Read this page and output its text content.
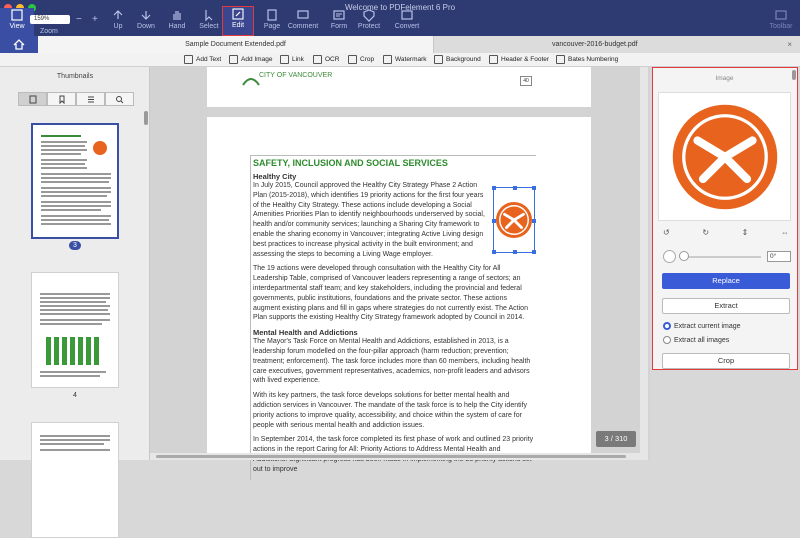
Welcome to PDFelement 6 Pro
View
159%
Zoom
− +
Up	Down	Hand	Select	Edit	Page	Comment	Form	Protect	Convert	Toolbar
Sample Document Extended.pdf	vancouver-2016-budget.pdf	×
Add Text	Add Image	Link	OCR	Crop	Watermark	Background	Header & Footer	Bates Numbering
Thumbnails
3
4
CITY OF VANCOUVER
40
SAFETY, INCLUSION AND SOCIAL SERVICES
Healthy City

In July 2015, Council approved the Healthy City Strategy Phase 2 Action Plan (2015-2018), which identifies 19 priority actions for the first four years of the Healthy City Strategy. These actions include developing a Social Amenities Priorities Plan to identify neighbourhoods underserved by social, health and/or community services; launching a Sharing City framework to enable the sharing economy in Vancouver; integrating Active Living design best practices to increase physical activity in the built environment; and assessing the steps to becoming a Living Wage employer.

The 19 actions were developed through consultation with the Healthy City for All Leadership Table, comprised of Vancouver leaders representing a range of sectors; an interdepartmental staff team; and key stakeholders, including the provincial and federal governments, public institutions, foundations and the private sector. These actions augment existing plans and fill in gaps where strategies do not currently exist. The Action Plan supports the existing Healthy City Strategy framework adopted by Council in 2014.

Mental Health and Addictions

The Mayor's Task Force on Mental Health and Addictions, established in 2013, is a leadership forum modelled on the four-pillar approach (harm reduction; prevention; treatment; enforcement). The task force includes more than 60 members, including health care executives, government representatives, academics, non-profit leaders and advisors with lived experience.

With its key partners, the task force develops solutions for better mental health and addiction services in Vancouver. The mandate of the task force is to help the City identify priority actions to improve quality, accessibility, and choice within the system of care for people with serious mental health and addiction issues.

In September 2014, the task force completed its first phase of work and outlined 23 priority actions in the report Caring for All: Priority Actions to Address Mental Health and out to improve

3 / 310
Image
↺	↻	⇕	⇔
0°
Replace
Extract
Extract current image
Extract all images
Crop
